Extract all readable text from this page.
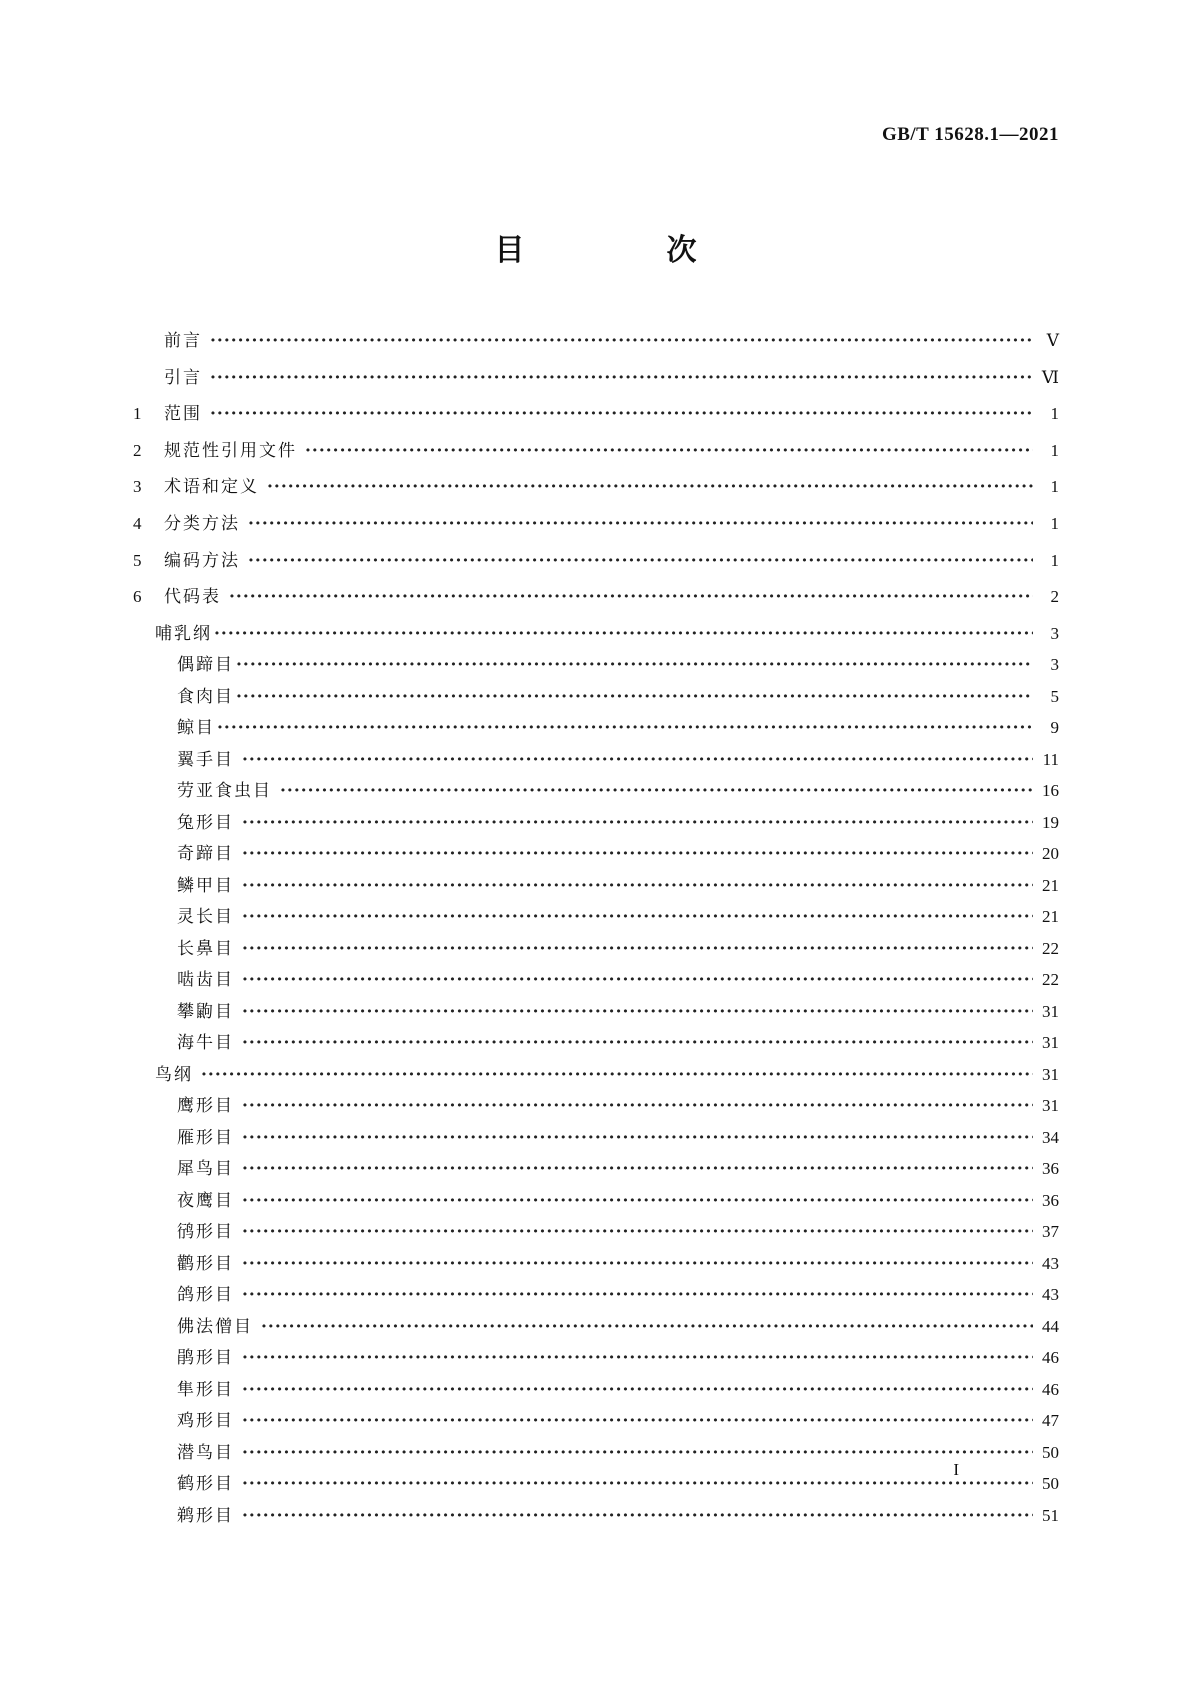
GB/T 15628.1—2021
目　次
前言 ·····	Ⅴ
引言 ·····	Ⅵ
1	范围 ·····	1
2	规范性引用文件 ·····	1
3	术语和定义 ·····	1
4	分类方法 ·····	1
5	编码方法 ·····	1
6	代码表 ·····	2
哺乳纲 ·····	3
偶蹄目 ·····	3
食肉目 ·····	5
鲸目 ·····	9
翼手目 ·····	11
劳亚食虫目 ·····	16
兔形目 ·····	19
奇蹄目 ·····	20
鳞甲目 ·····	21
灵长目 ·····	21
长鼻目 ·····	22
啮齿目 ·····	22
攀鼩目 ·····	31
海牛目 ·····	31
鸟纲 ·····	31
鹰形目 ·····	31
雁形目 ·····	34
犀鸟目 ·····	36
夜鹰目 ·····	36
鸻形目 ·····	37
鹳形目 ·····	43
鸽形目 ·····	43
佛法僧目 ·····	44
鹃形目 ·····	46
隼形目 ·····	46
鸡形目 ·····	47
潜鸟目 ·····	50
鹤形目 ·····	50
鹈形目 ·····	51
I
